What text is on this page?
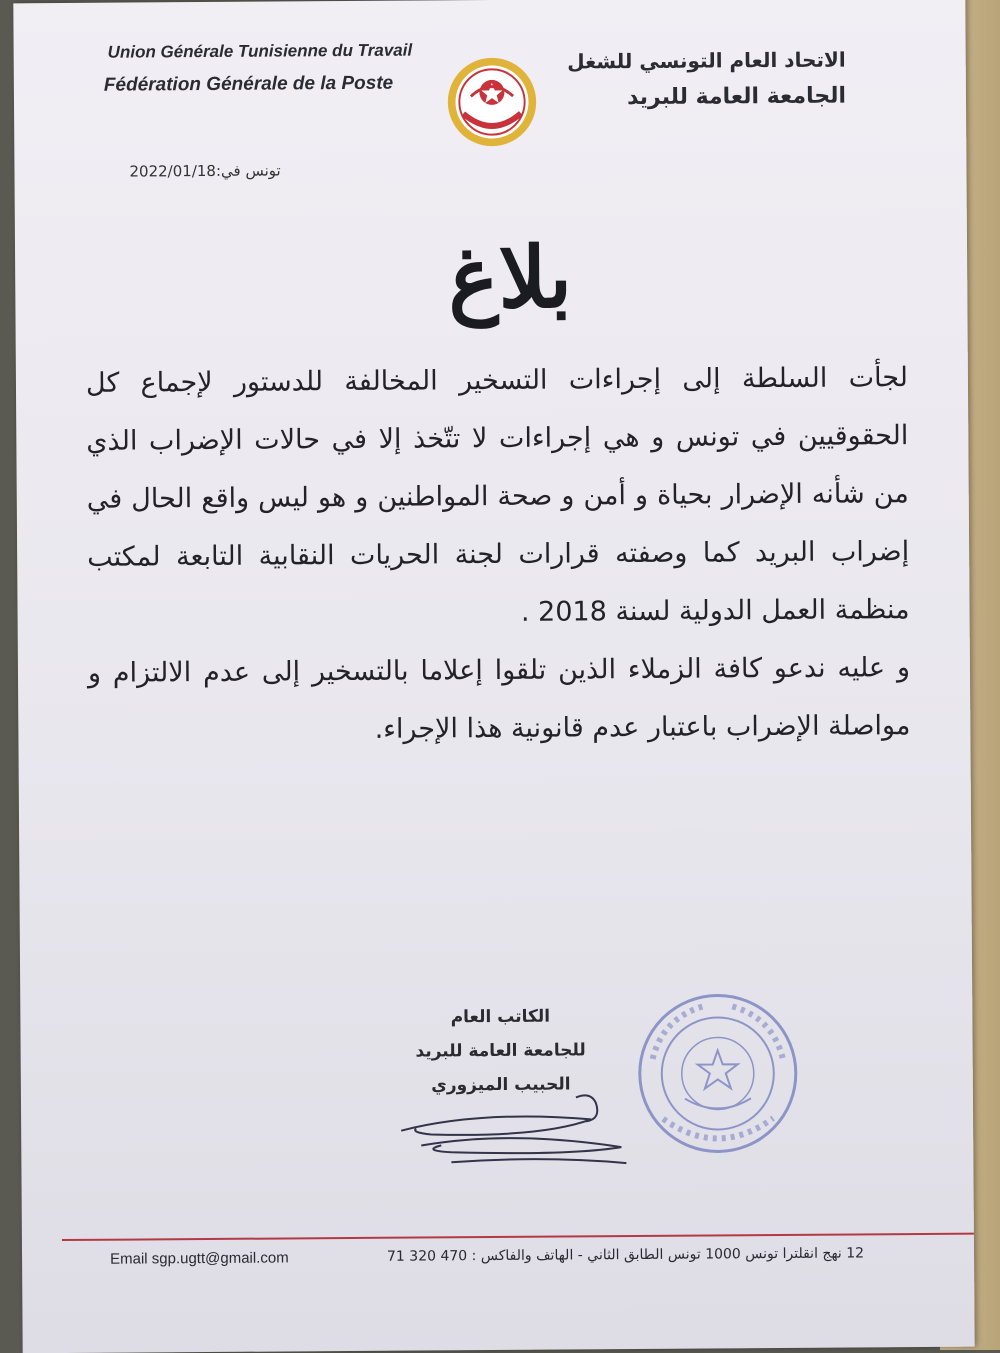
Union Générale Tunisienne du Travail
Fédération Générale de la Poste
الاتحاد العام التونسي للشغل
الجامعة العامة للبريد
تونس في:2022/01/18
بلاغ

لجأت السلطة إلى إجراءات التسخير المخالفة للدستور لإجماع كل الحقوقيين في تونس و هي إجراءات لا تتّخذ إلا في حالات الإضراب الذي من شأنه الإضرار بحياة و أمن و صحة المواطنين و هو ليس واقع الحال في إضراب البريد كما وصفته قرارات لجنة الحريات النقابية التابعة لمكتب منظمة العمل الدولية لسنة 2018 .

و عليه ندعو كافة الزملاء الذين تلقوا إعلاما بالتسخير إلى عدم الالتزام و مواصلة الإضراب باعتبار عدم قانونية هذا الإجراء.

الكاتب العام
للجامعة العامة للبريد
الحبيب الميزوري
Email sgp.ugtt@gmail.com	12 نهج انقلترا تونس 1000 تونس الطابق الثاني - الهاتف والفاكس : 470 320 71
